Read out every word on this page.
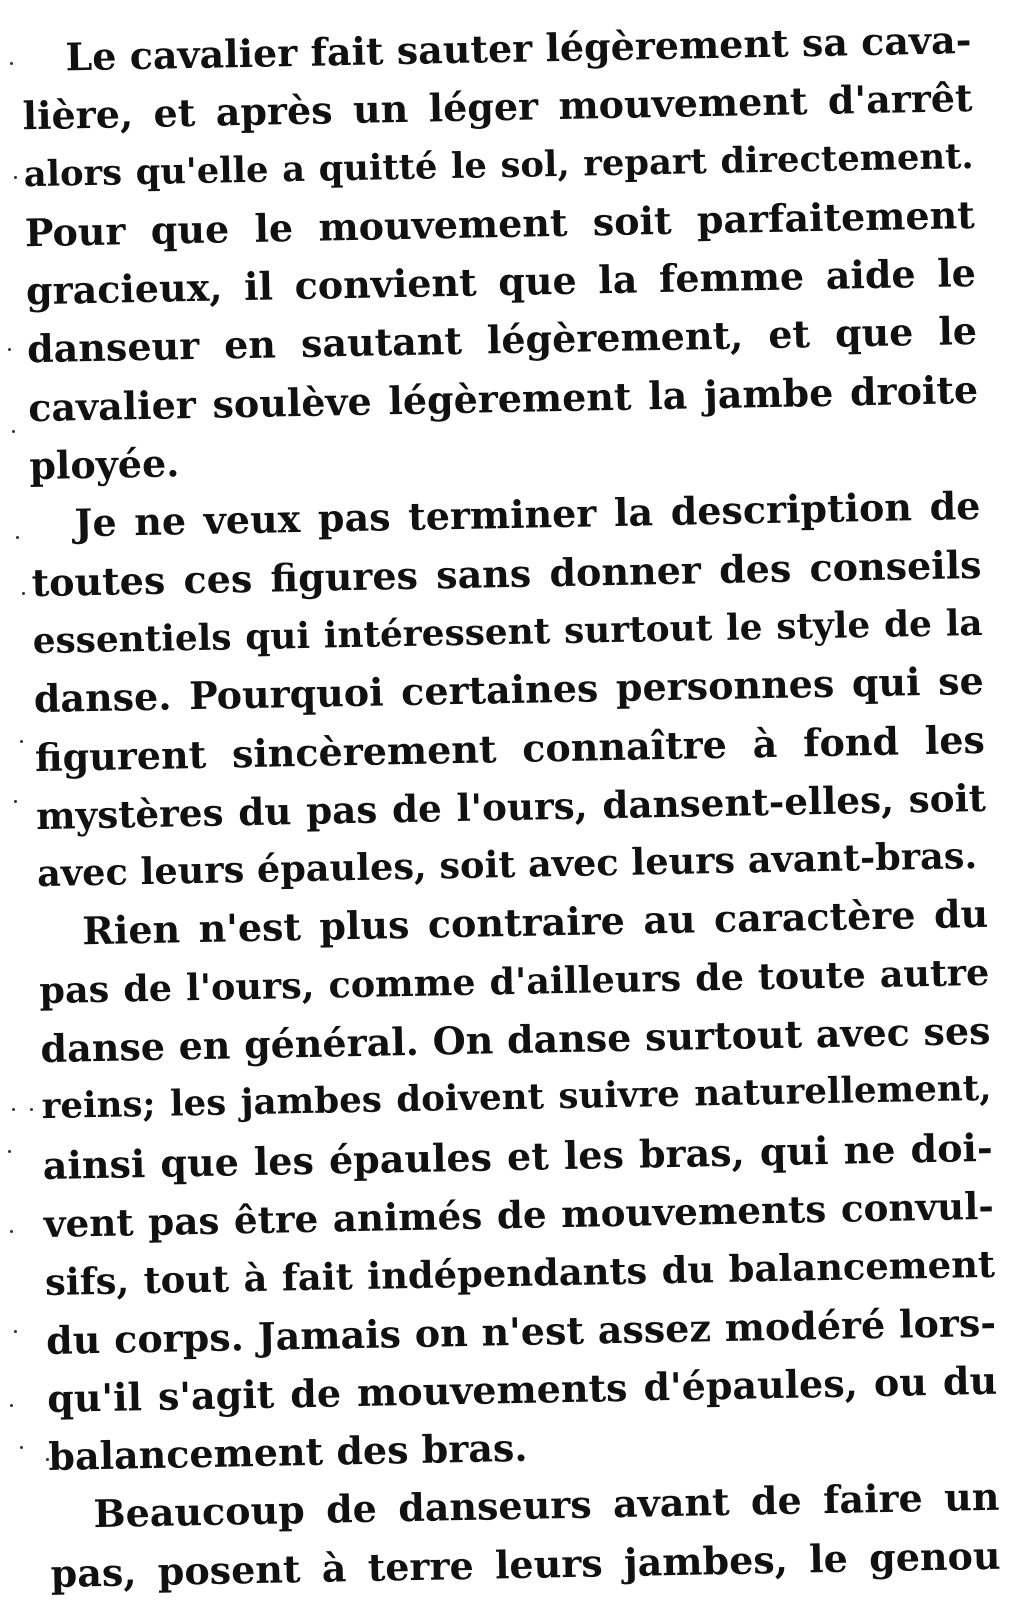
Le cavalier fait sauter légèrement sa cava-
lière, et après un léger mouvement d'arrêt
alors qu'elle a quitté le sol, repart directement.
Pour que le mouvement soit parfaitement
gracieux, il convient que la femme aide le
danseur en sautant légèrement, et que le
cavalier soulève légèrement la jambe droite
ployée.
Je ne veux pas terminer la description de
toutes ces figures sans donner des conseils
essentiels qui intéressent surtout le style de la
danse. Pourquoi certaines personnes qui se
figurent sincèrement connaître à fond les
mystères du pas de l'ours, dansent-elles, soit
avec leurs épaules, soit avec leurs avant-bras.
Rien n'est plus contraire au caractère du
pas de l'ours, comme d'ailleurs de toute autre
danse en général. On danse surtout avec ses
reins; les jambes doivent suivre naturellement,
ainsi que les épaules et les bras, qui ne doi-
vent pas être animés de mouvements convul-
sifs, tout à fait indépendants du balancement
du corps. Jamais on n'est assez modéré lors-
qu'il s'agit de mouvements d'épaules, ou du
balancement des bras.
Beaucoup de danseurs avant de faire un
pas, posent à terre leurs jambes, le genou
